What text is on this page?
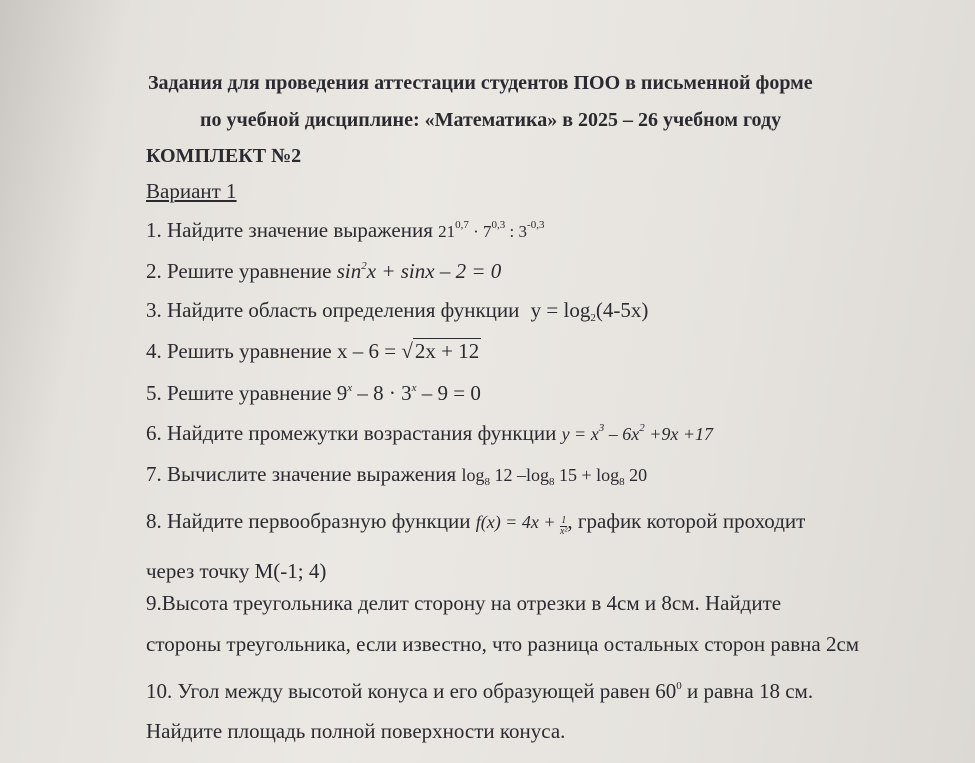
Задания для проведения аттестации студентов ПОО в письменной форме
по учебной дисциплине: «Математика» в 2025 – 26 учебном году
КОМПЛЕКТ №2
Вариант 1
1. Найдите значение выражения $21^{0,7} \cdot 7^{0,3}$ : $3^{-0,3}$
2. Решите уравнение $\sin^2x + \sin x - 2 = 0$
3. Найдите область определения функции $y = \log_2(4-5x)$
4. Решить уравнение x – 6 = √2x + 12
5. Решите уравнение $9^x - 8 \cdot 3^x - 9 = 0$
6. Найдите промежутки возрастания функции $y = x^3 - 6x^2 +9x +17$
7. Вычислите значение выражения $\log_8 12$ $-\log_8$ $15 + \log_8 20$
8. Найдите первообразную функции $f(x) = 4x + \frac{1}{\text{x²}}$ , график которой проходит
через точку М(-1; 4)
9.Высота треугольника делит сторону на отрезки в 4см и 8см. Найдите
стороны треугольника, если известно, что разница остальных сторон равна 2см
10. Угол между высотой конуса и его образующей равен $60^0$ и равна 18 см.
Найдите площадь полной поверхности конуса.
